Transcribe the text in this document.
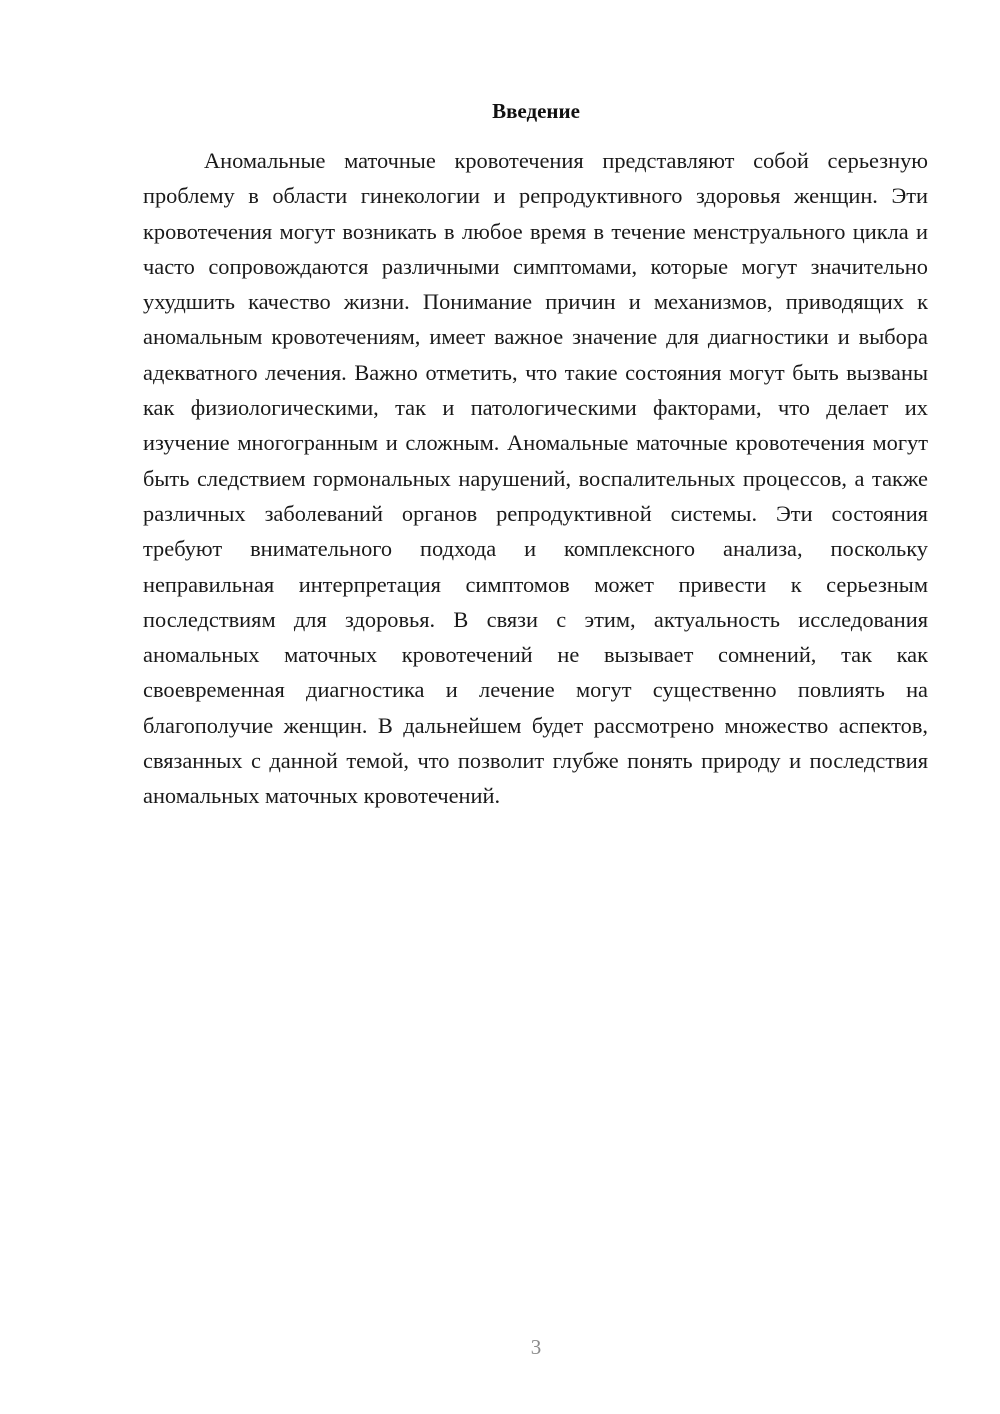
Введение

Аномальные маточные кровотечения представляют собой серьезную проблему в области гинекологии и репродуктивного здоровья женщин. Эти кровотечения могут возникать в любое время в течение менструального цикла и часто сопровождаются различными симптомами, которые могут значительно ухудшить качество жизни. Понимание причин и механизмов, приводящих к аномальным кровотечениям, имеет важное значение для диагностики и выбора адекватного лечения. Важно отметить, что такие состояния могут быть вызваны как физиологическими, так и патологическими факторами, что делает их изучение многогранным и сложным. Аномальные маточные кровотечения могут быть следствием гормональных нарушений, воспалительных процессов, а также различных заболеваний органов репродуктивной системы. Эти состояния требуют внимательного подхода и комплексного анализа, поскольку неправильная интерпретация симптомов может привести к серьезным последствиям для здоровья. В связи с этим, актуальность исследования аномальных маточных кровотечений не вызывает сомнений, так как своевременная диагностика и лечение могут существенно повлиять на благополучие женщин. В дальнейшем будет рассмотрено множество аспектов, связанных с данной темой, что позволит глубже понять природу и последствия аномальных маточных кровотечений.

3
